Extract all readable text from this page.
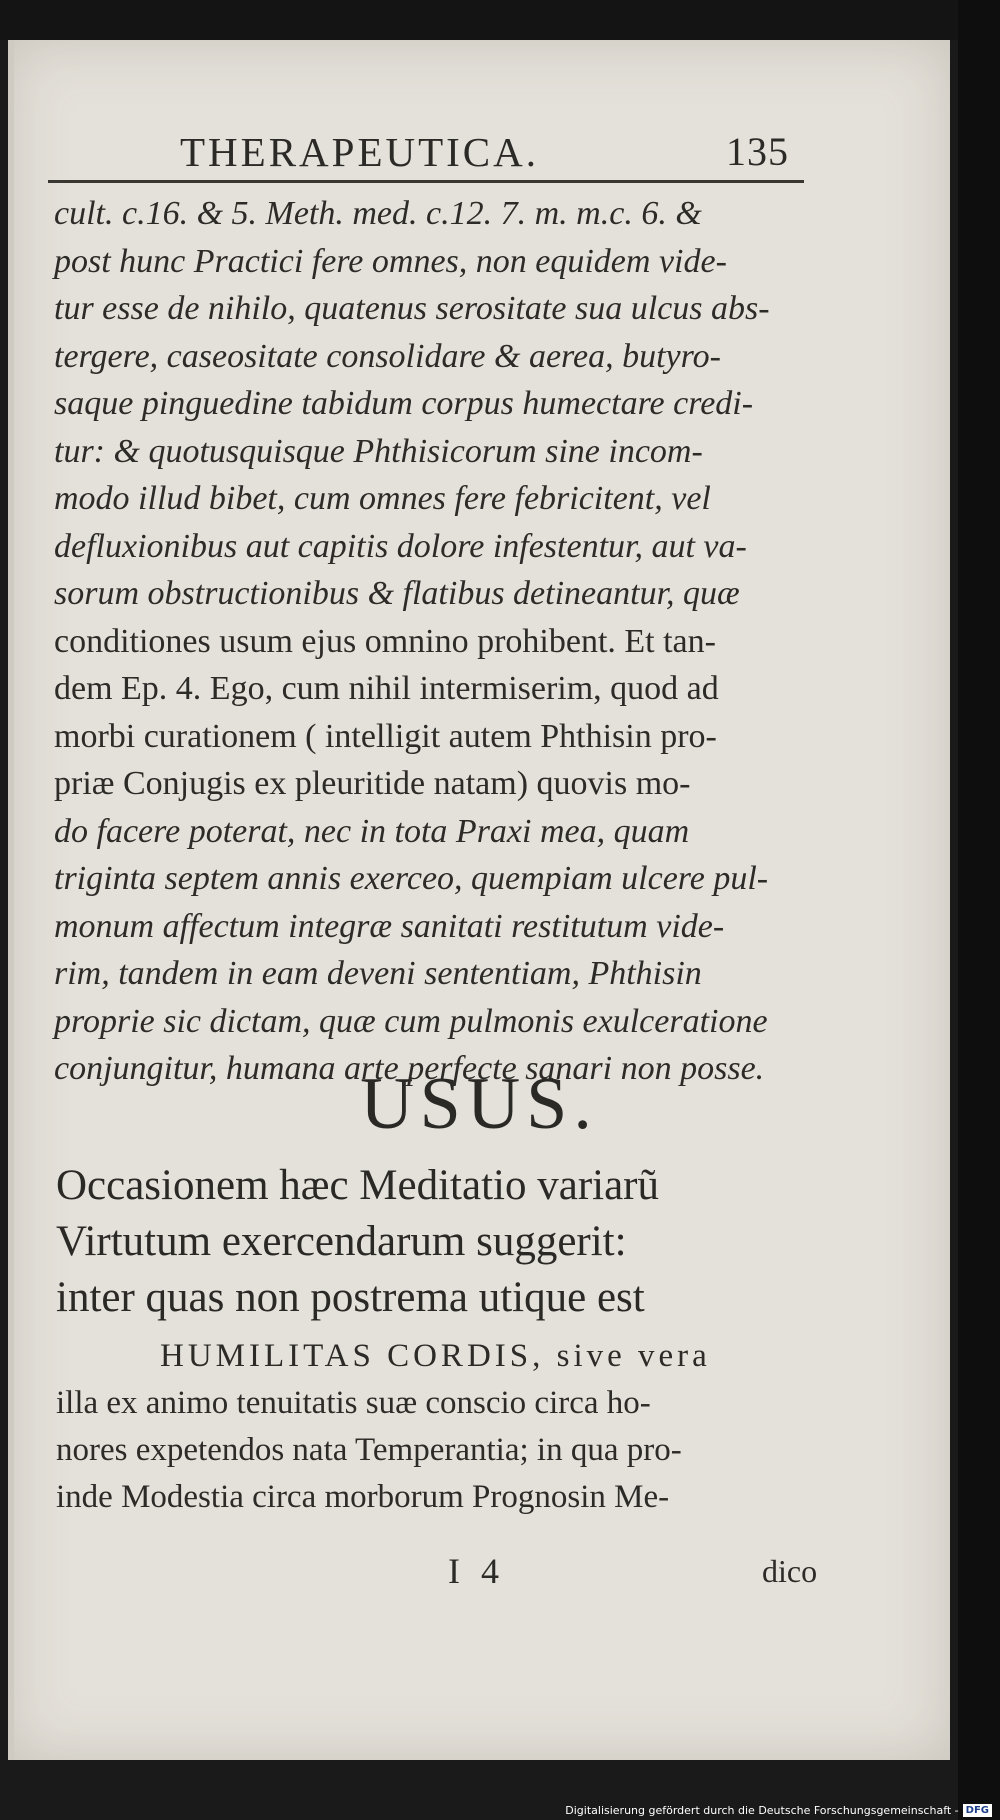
THERAPEUTICA.	135
cult. c.16. & 5. Meth. med. c.12. 7. m. m.c. 6. &
post hunc Practici fere omnes, non equidem vide-
tur esse de nihilo, quatenus serositate sua ulcus abs-
tergere, caseositate consolidare & aerea, butyro-
saque pinguedine tabidum corpus humectare credi-
tur: & quotusquisque Phthisicorum sine incom-
modo illud bibet, cum omnes fere febricitent, vel
defluxionibus aut capitis dolore infestentur, aut va-
sorum obstructionibus & flatibus detineantur, quæ
conditiones usum ejus omnino prohibent. Et tan-
dem Ep. 4. Ego, cum nihil intermiserim, quod ad
morbi curationem ( intelligit autem Phthisin pro-
priæ Conjugis ex pleuritide natam) quovis mo-
do facere poterat, nec in tota Praxi mea, quam
triginta septem annis exerceo, quempiam ulcere pul-
monum affectum integræ sanitati restitutum vide-
rim, tandem in eam deveni sententiam, Phthisin
proprie sic dictam, quæ cum pulmonis exulceratione
conjungitur, humana arte perfecte sanari non posse.
USUS.
Occasionem hæc Meditatio variarũ
Virtutum exercendarum suggerit:
inter quas non postrema utique est
HUMILITAS CORDIS, sive vera
illa ex animo tenuitatis suæ conscio circa ho-
nores expetendos nata Temperantia; in qua pro-
inde Modestia circa morborum Prognosin Me-
I 4	dico
Digitalisierung gefördert durch die Deutsche Forschungsgemeinschaft - DFG
